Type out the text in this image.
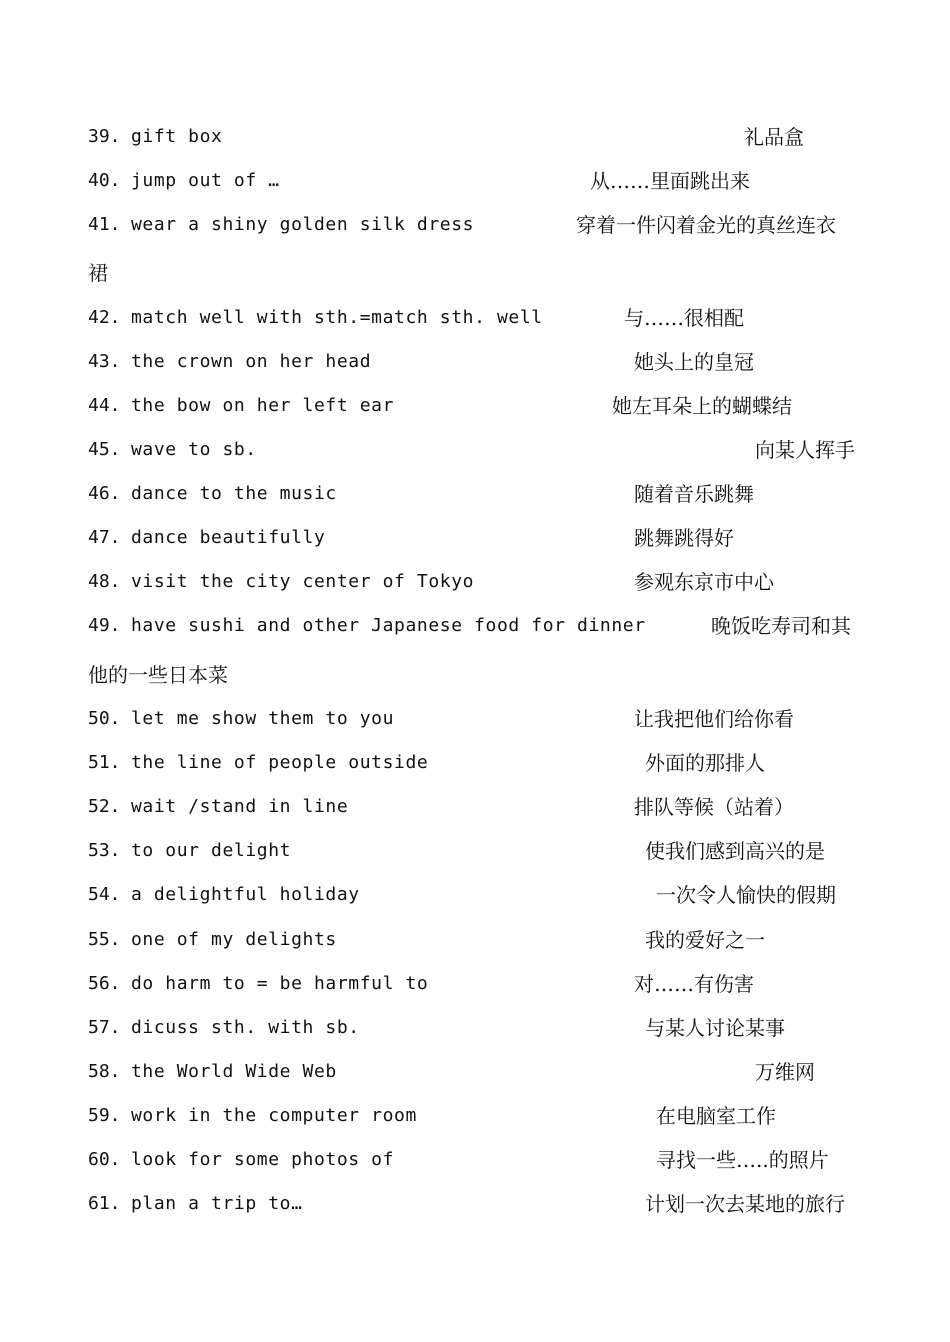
39. gift box	礼品盒
40. jump out of …	从……里面跳出来
41. wear a shiny golden silk dress	穿着一件闪着金光的真丝连衣
裙
42. match well with sth.=match sth. well	与……很相配
43. the crown on her head	她头上的皇冠
44. the bow on her left ear	她左耳朵上的蝴蝶结
45. wave to sb.	向某人挥手
46. dance to the music	随着音乐跳舞
47. dance beautifully	跳舞跳得好
48. visit the city center of Tokyo	参观东京市中心
49. have sushi and other Japanese food for dinner	晚饭吃寿司和其
他的一些日本菜
50. let me show them to you	让我把他们给你看
51. the line of people outside	外面的那排人
52. wait /stand in line	排队等候（站着）
53. to our delight	使我们感到高兴的是
54. a delightful holiday	一次令人愉快的假期
55. one of my delights	我的爱好之一
56. do harm to = be harmful to	对……有伤害
57. dicuss sth. with sb.	与某人讨论某事
58. the World Wide Web	万维网
59. work in the computer room	在电脑室工作
60. look for some photos of	寻找一些…..的照片
61. plan a trip to…	计划一次去某地的旅行
